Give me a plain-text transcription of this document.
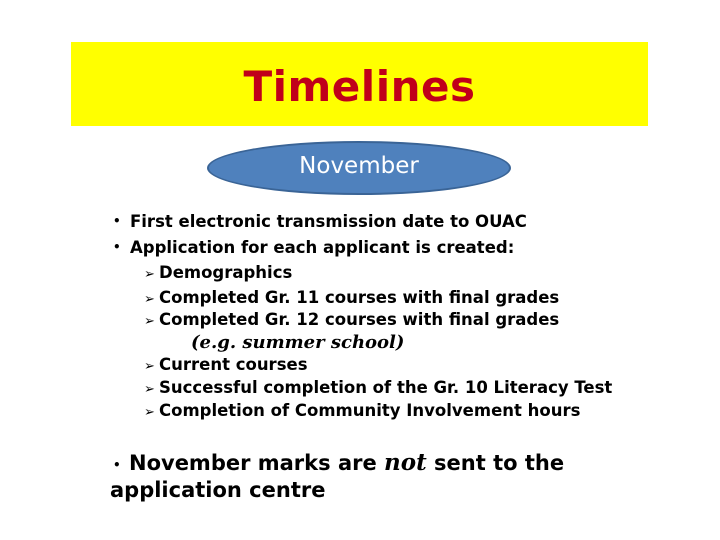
Timelines
November
• First electronic transmission date to OUAC
• Application for each applicant is created:
➢ Demographics
➢ Completed Gr. 11 courses with final grades
➢ Completed Gr. 12 courses with final grades
(e.g. summer school)
➢ Current courses
➢ Successful completion of the Gr. 10 Literacy Test
➢ Completion of Community Involvement hours
• November marks are not sent to the
application centre
